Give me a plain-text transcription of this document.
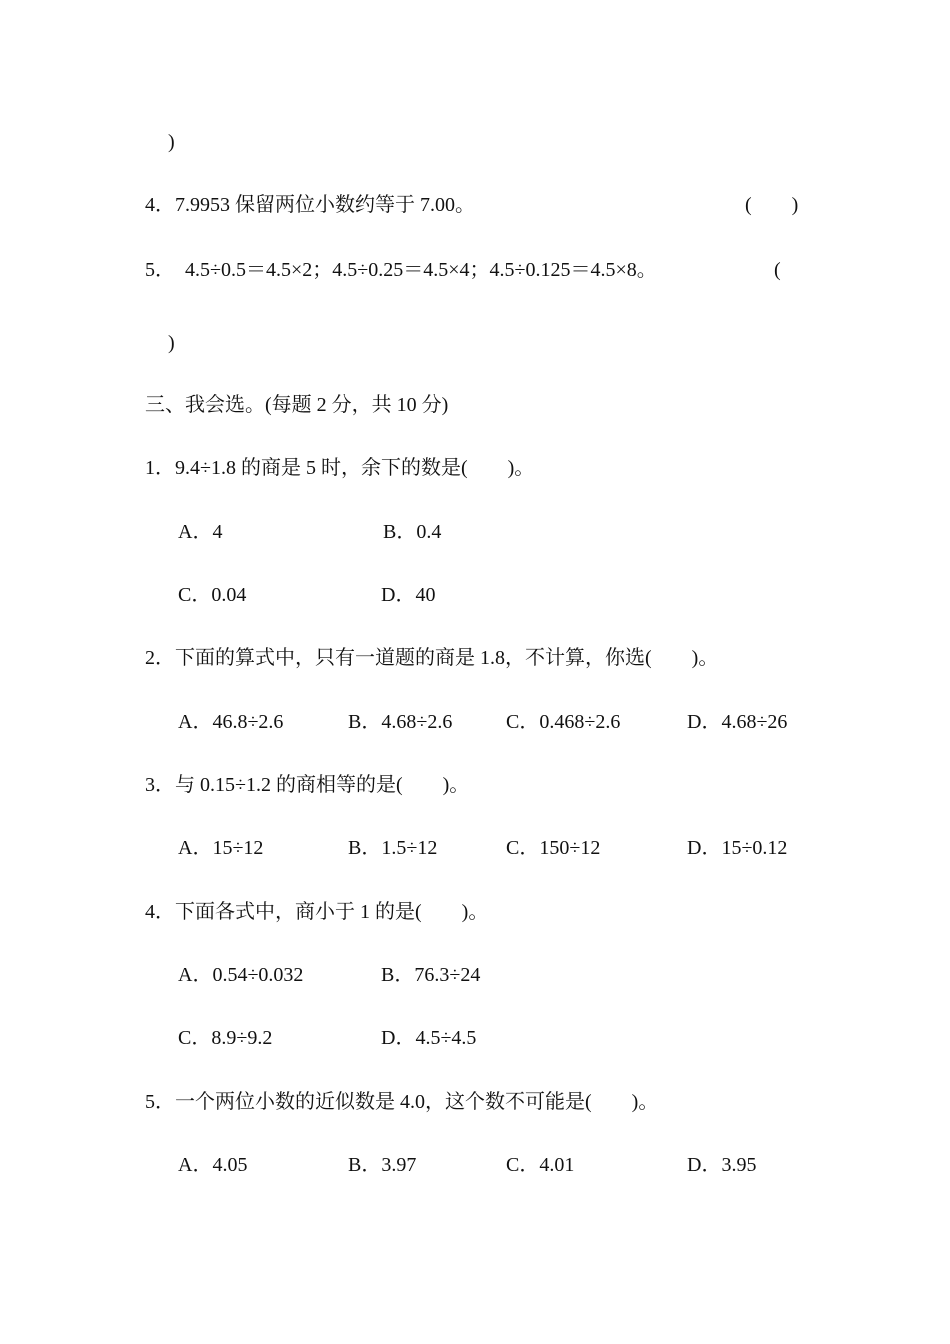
)
4．7.9953 保留两位小数约等于 7.00。	(　　)
5．  4.5÷0.5＝4.5×2；4.5÷0.25＝4.5×4；4.5÷0.125＝4.5×8。	(
)
三、我会选。(每题 2 分，共 10 分)
1．9.4÷1.8 的商是 5 时，余下的数是(　　)。
A．4	B．0.4
C．0.04	D．40
2．下面的算式中，只有一道题的商是 1.8，不计算，你选(　　)。
A．46.8÷2.6	B．4.68÷2.6	C．0.468÷2.6	D．4.68÷26
3．与 0.15÷1.2 的商相等的是(　　)。
A．15÷12	B．1.5÷12	C．150÷12	D．15÷0.12
4．下面各式中，商小于 1 的是(　　)。
A．0.54÷0.032	B．76.3÷24
C．8.9÷9.2	D．4.5÷4.5
5．一个两位小数的近似数是 4.0，这个数不可能是(　　)。
A．4.05	B．3.97	C．4.01	D．3.95
